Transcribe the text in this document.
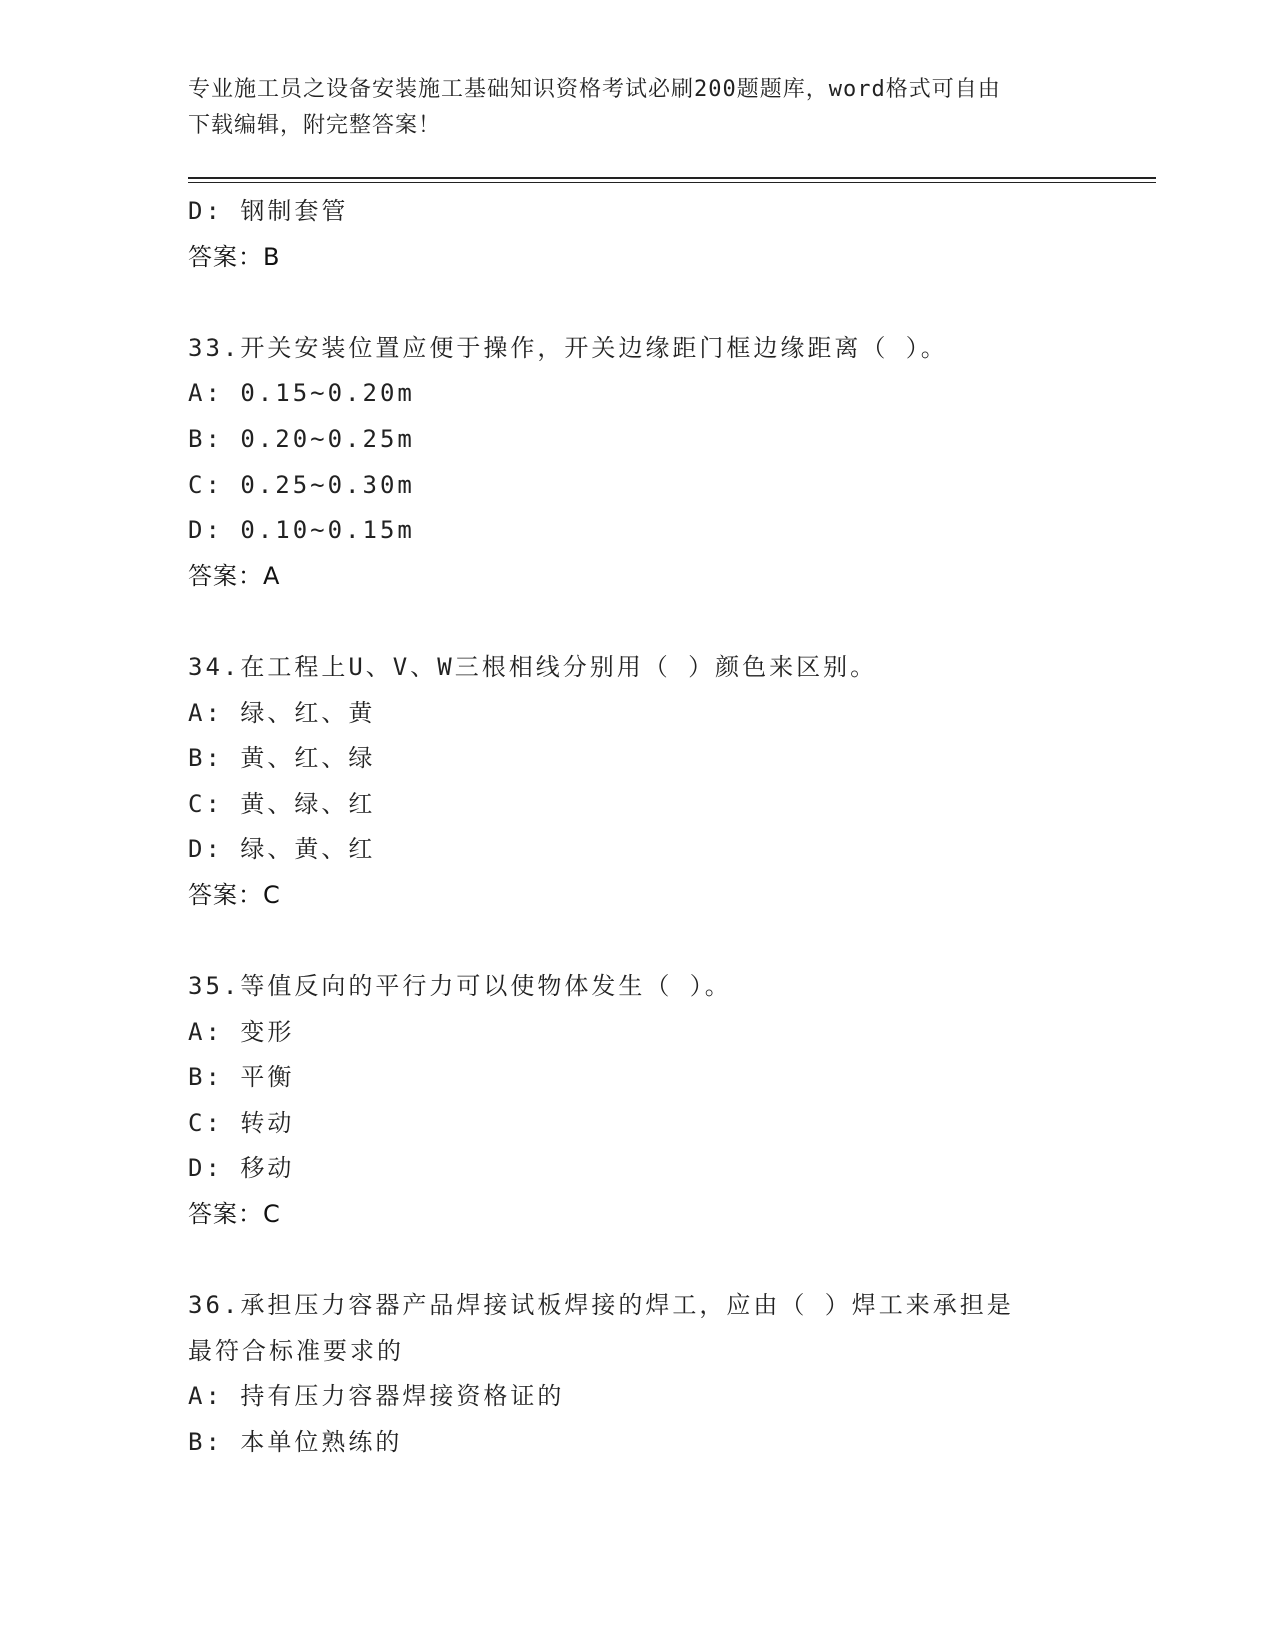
专业施工员之设备安装施工基础知识资格考试必刷200题题库，word格式可自由
下载编辑，附完整答案！
D: 钢制套管
答案：B
33.开关安装位置应便于操作，开关边缘距门框边缘距离（ ）。
A: 0.15~0.20m
B: 0.20~0.25m
C: 0.25~0.30m
D: 0.10~0.15m
答案：A
34.在工程上U、V、W三根相线分别用（ ）颜色来区别。
A: 绿、红、黄
B: 黄、红、绿
C: 黄、绿、红
D: 绿、黄、红
答案：C
35.等值反向的平行力可以使物体发生（ ）。
A: 变形
B: 平衡
C: 转动
D: 移动
答案：C
36.承担压力容器产品焊接试板焊接的焊工，应由（ ）焊工来承担是
最符合标准要求的
A: 持有压力容器焊接资格证的
B: 本单位熟练的
